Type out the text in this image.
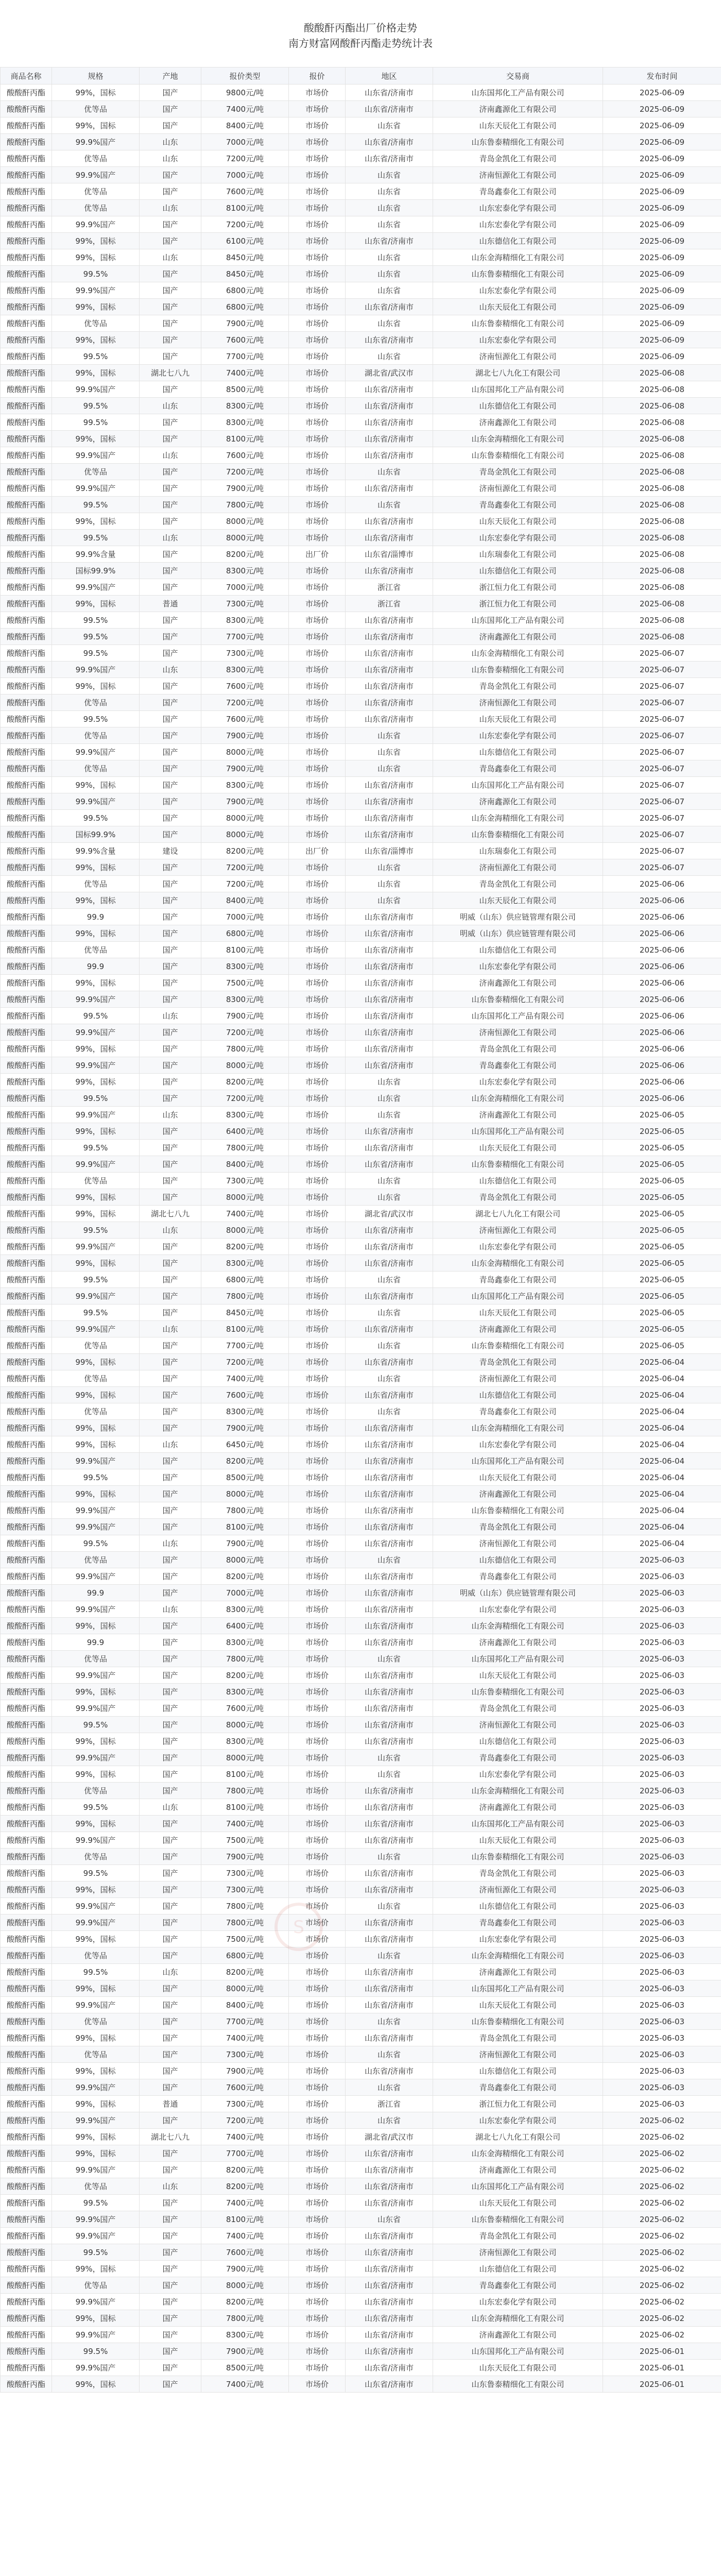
酸酸酐丙酯出厂价格走势
南方财富网酸酐丙酯走势统计表
商品名称	规格	产地	报价类型	报价	地区	交易商	发布时间
酸酸酐丙酯	99%，国标	国产	9800元/吨	市场价	山东省/济南市	山东国邦化工产品有限公司	2025-06-09
酸酸酐丙酯	优等品	国产	7400元/吨	市场价	山东省/济南市	济南鑫源化工有限公司	2025-06-09
酸酸酐丙酯	99%，国标	国产	8400元/吨	市场价	山东省	山东天辰化工有限公司	2025-06-09
酸酸酐丙酯	99.9%国产	山东	7000元/吨	市场价	山东省/济南市	山东鲁泰精细化工有限公司	2025-06-09
酸酸酐丙酯	优等品	山东	7200元/吨	市场价	山东省/济南市	青岛金凯化工有限公司	2025-06-09
酸酸酐丙酯	99.9%国产	国产	7000元/吨	市场价	山东省	济南恒源化工有限公司	2025-06-09
酸酸酐丙酯	优等品	国产	7600元/吨	市场价	山东省	青岛鑫泰化工有限公司	2025-06-09
酸酸酐丙酯	优等品	山东	8100元/吨	市场价	山东省	山东宏泰化学有限公司	2025-06-09
酸酸酐丙酯	99.9%国产	国产	7200元/吨	市场价	山东省	山东宏泰化学有限公司	2025-06-09
酸酸酐丙酯	99%，国标	国产	6100元/吨	市场价	山东省/济南市	山东德信化工有限公司	2025-06-09
酸酸酐丙酯	99%，国标	山东	8450元/吨	市场价	山东省	山东金海精细化工有限公司	2025-06-09
酸酸酐丙酯	99.5%	国产	8450元/吨	市场价	山东省	山东鲁泰精细化工有限公司	2025-06-09
酸酸酐丙酯	99.9%国产	国产	6800元/吨	市场价	山东省	山东宏泰化学有限公司	2025-06-09
酸酸酐丙酯	99%，国标	国产	6800元/吨	市场价	山东省/济南市	山东天辰化工有限公司	2025-06-09
酸酸酐丙酯	优等品	国产	7900元/吨	市场价	山东省	山东鲁泰精细化工有限公司	2025-06-09
酸酸酐丙酯	99%，国标	国产	7600元/吨	市场价	山东省/济南市	山东宏泰化学有限公司	2025-06-09
酸酸酐丙酯	99.5%	国产	7700元/吨	市场价	山东省	济南恒源化工有限公司	2025-06-09
酸酸酐丙酯	99%，国标	湖北七八九	7400元/吨	市场价	湖北省/武汉市	湖北七八九化工有限公司	2025-06-08
酸酸酐丙酯	99.9%国产	国产	8500元/吨	市场价	山东省/济南市	山东国邦化工产品有限公司	2025-06-08
酸酸酐丙酯	99.5%	山东	8300元/吨	市场价	山东省/济南市	山东德信化工有限公司	2025-06-08
酸酸酐丙酯	99.5%	国产	8300元/吨	市场价	山东省/济南市	济南鑫源化工有限公司	2025-06-08
酸酸酐丙酯	99%，国标	国产	8100元/吨	市场价	山东省/济南市	山东金海精细化工有限公司	2025-06-08
酸酸酐丙酯	99.9%国产	山东	7600元/吨	市场价	山东省/济南市	山东鲁泰精细化工有限公司	2025-06-08
酸酸酐丙酯	优等品	国产	7200元/吨	市场价	山东省	青岛金凯化工有限公司	2025-06-08
酸酸酐丙酯	99.9%国产	国产	7900元/吨	市场价	山东省/济南市	济南恒源化工有限公司	2025-06-08
酸酸酐丙酯	99.5%	国产	7800元/吨	市场价	山东省	青岛鑫泰化工有限公司	2025-06-08
酸酸酐丙酯	99%，国标	国产	8000元/吨	市场价	山东省/济南市	山东天辰化工有限公司	2025-06-08
酸酸酐丙酯	99.5%	山东	8000元/吨	市场价	山东省/济南市	山东宏泰化学有限公司	2025-06-08
酸酸酐丙酯	99.9%含量	国产	8200元/吨	出厂价	山东省/淄博市	山东瑞泰化工有限公司	2025-06-08
酸酸酐丙酯	国标99.9%	国产	8300元/吨	市场价	山东省/济南市	山东德信化工有限公司	2025-06-08
酸酸酐丙酯	99.9%国产	国产	7000元/吨	市场价	浙江省	浙江恒力化工有限公司	2025-06-08
酸酸酐丙酯	99%，国标	普通	7300元/吨	市场价	浙江省	浙江恒力化工有限公司	2025-06-08
酸酸酐丙酯	99.5%	国产	8300元/吨	市场价	山东省/济南市	山东国邦化工产品有限公司	2025-06-08
酸酸酐丙酯	99.5%	国产	7700元/吨	市场价	山东省/济南市	济南鑫源化工有限公司	2025-06-08
酸酸酐丙酯	99.5%	国产	7300元/吨	市场价	山东省/济南市	山东金海精细化工有限公司	2025-06-07
酸酸酐丙酯	99.9%国产	山东	8300元/吨	市场价	山东省/济南市	山东鲁泰精细化工有限公司	2025-06-07
酸酸酐丙酯	99%，国标	国产	7600元/吨	市场价	山东省/济南市	青岛金凯化工有限公司	2025-06-07
酸酸酐丙酯	优等品	国产	7200元/吨	市场价	山东省/济南市	济南恒源化工有限公司	2025-06-07
酸酸酐丙酯	99.5%	国产	7600元/吨	市场价	山东省/济南市	山东天辰化工有限公司	2025-06-07
酸酸酐丙酯	优等品	国产	7900元/吨	市场价	山东省	山东宏泰化学有限公司	2025-06-07
酸酸酐丙酯	99.9%国产	国产	8000元/吨	市场价	山东省	山东德信化工有限公司	2025-06-07
酸酸酐丙酯	优等品	国产	7900元/吨	市场价	山东省	青岛鑫泰化工有限公司	2025-06-07
酸酸酐丙酯	99%，国标	国产	8300元/吨	市场价	山东省/济南市	山东国邦化工产品有限公司	2025-06-07
酸酸酐丙酯	99.9%国产	国产	7900元/吨	市场价	山东省/济南市	济南鑫源化工有限公司	2025-06-07
酸酸酐丙酯	99.5%	国产	8000元/吨	市场价	山东省/济南市	山东金海精细化工有限公司	2025-06-07
酸酸酐丙酯	国标99.9%	国产	8000元/吨	市场价	山东省/济南市	山东鲁泰精细化工有限公司	2025-06-07
酸酸酐丙酯	99.9%含量	建设	8200元/吨	出厂价	山东省/淄博市	山东瑞泰化工有限公司	2025-06-07
酸酸酐丙酯	99%，国标	国产	7200元/吨	市场价	山东省	济南恒源化工有限公司	2025-06-07
酸酸酐丙酯	优等品	国产	7200元/吨	市场价	山东省	青岛金凯化工有限公司	2025-06-06
酸酸酐丙酯	99%，国标	国产	8400元/吨	市场价	山东省	山东天辰化工有限公司	2025-06-06
酸酸酐丙酯	99.9	国产	7000元/吨	市场价	山东省/济南市	明威（山东）供应链管理有限公司	2025-06-06
酸酸酐丙酯	99%，国标	国产	6800元/吨	市场价	山东省/济南市	明威（山东）供应链管理有限公司	2025-06-06
酸酸酐丙酯	优等品	国产	8100元/吨	市场价	山东省/济南市	山东德信化工有限公司	2025-06-06
酸酸酐丙酯	99.9	国产	8300元/吨	市场价	山东省/济南市	山东宏泰化学有限公司	2025-06-06
酸酸酐丙酯	99%，国标	国产	7500元/吨	市场价	山东省/济南市	济南鑫源化工有限公司	2025-06-06
酸酸酐丙酯	99.9%国产	国产	8300元/吨	市场价	山东省/济南市	山东鲁泰精细化工有限公司	2025-06-06
酸酸酐丙酯	99.5%	山东	7900元/吨	市场价	山东省/济南市	山东国邦化工产品有限公司	2025-06-06
酸酸酐丙酯	99.9%国产	国产	7200元/吨	市场价	山东省/济南市	济南恒源化工有限公司	2025-06-06
酸酸酐丙酯	99%，国标	国产	7800元/吨	市场价	山东省/济南市	青岛金凯化工有限公司	2025-06-06
酸酸酐丙酯	99.9%国产	国产	8000元/吨	市场价	山东省/济南市	青岛鑫泰化工有限公司	2025-06-06
酸酸酐丙酯	99%，国标	国产	8200元/吨	市场价	山东省	山东宏泰化学有限公司	2025-06-06
酸酸酐丙酯	99.5%	国产	7200元/吨	市场价	山东省	山东金海精细化工有限公司	2025-06-06
酸酸酐丙酯	99.9%国产	山东	8300元/吨	市场价	山东省	济南鑫源化工有限公司	2025-06-05
酸酸酐丙酯	99%，国标	国产	6400元/吨	市场价	山东省/济南市	山东国邦化工产品有限公司	2025-06-05
酸酸酐丙酯	99.5%	国产	7800元/吨	市场价	山东省/济南市	山东天辰化工有限公司	2025-06-05
酸酸酐丙酯	99.9%国产	国产	8400元/吨	市场价	山东省/济南市	山东鲁泰精细化工有限公司	2025-06-05
酸酸酐丙酯	优等品	国产	7300元/吨	市场价	山东省	山东德信化工有限公司	2025-06-05
酸酸酐丙酯	99%，国标	国产	8000元/吨	市场价	山东省	青岛金凯化工有限公司	2025-06-05
酸酸酐丙酯	99%，国标	湖北七八九	7400元/吨	市场价	湖北省/武汉市	湖北七八九化工有限公司	2025-06-05
酸酸酐丙酯	99.5%	山东	8000元/吨	市场价	山东省/济南市	济南恒源化工有限公司	2025-06-05
酸酸酐丙酯	99.9%国产	国产	8200元/吨	市场价	山东省/济南市	山东宏泰化学有限公司	2025-06-05
酸酸酐丙酯	99%，国标	国产	8300元/吨	市场价	山东省/济南市	山东金海精细化工有限公司	2025-06-05
酸酸酐丙酯	99.5%	国产	6800元/吨	市场价	山东省	青岛鑫泰化工有限公司	2025-06-05
酸酸酐丙酯	99.9%国产	国产	7800元/吨	市场价	山东省/济南市	山东国邦化工产品有限公司	2025-06-05
酸酸酐丙酯	99.5%	国产	8450元/吨	市场价	山东省	山东天辰化工有限公司	2025-06-05
酸酸酐丙酯	99.9%国产	山东	8100元/吨	市场价	山东省/济南市	济南鑫源化工有限公司	2025-06-05
酸酸酐丙酯	优等品	国产	7700元/吨	市场价	山东省	山东鲁泰精细化工有限公司	2025-06-05
酸酸酐丙酯	99%，国标	国产	7200元/吨	市场价	山东省/济南市	青岛金凯化工有限公司	2025-06-04
酸酸酐丙酯	优等品	国产	7400元/吨	市场价	山东省	济南恒源化工有限公司	2025-06-04
酸酸酐丙酯	99%，国标	国产	7600元/吨	市场价	山东省/济南市	山东德信化工有限公司	2025-06-04
酸酸酐丙酯	优等品	国产	8300元/吨	市场价	山东省	青岛鑫泰化工有限公司	2025-06-04
酸酸酐丙酯	99%，国标	国产	7900元/吨	市场价	山东省/济南市	山东金海精细化工有限公司	2025-06-04
酸酸酐丙酯	99%，国标	山东	6450元/吨	市场价	山东省/济南市	山东宏泰化学有限公司	2025-06-04
酸酸酐丙酯	99.9%国产	国产	8200元/吨	市场价	山东省/济南市	山东国邦化工产品有限公司	2025-06-04
酸酸酐丙酯	99.5%	国产	8500元/吨	市场价	山东省/济南市	山东天辰化工有限公司	2025-06-04
酸酸酐丙酯	99%，国标	国产	8000元/吨	市场价	山东省/济南市	济南鑫源化工有限公司	2025-06-04
酸酸酐丙酯	99.9%国产	国产	7800元/吨	市场价	山东省/济南市	山东鲁泰精细化工有限公司	2025-06-04
酸酸酐丙酯	99.9%国产	国产	8100元/吨	市场价	山东省/济南市	青岛金凯化工有限公司	2025-06-04
酸酸酐丙酯	99.5%	山东	7900元/吨	市场价	山东省/济南市	济南恒源化工有限公司	2025-06-04
酸酸酐丙酯	优等品	国产	8000元/吨	市场价	山东省	山东德信化工有限公司	2025-06-03
酸酸酐丙酯	99.9%国产	国产	8200元/吨	市场价	山东省/济南市	青岛鑫泰化工有限公司	2025-06-03
酸酸酐丙酯	99.9	国产	7000元/吨	市场价	山东省/济南市	明威（山东）供应链管理有限公司	2025-06-03
酸酸酐丙酯	99.9%国产	山东	8300元/吨	市场价	山东省/济南市	山东宏泰化学有限公司	2025-06-03
酸酸酐丙酯	99%，国标	国产	6400元/吨	市场价	山东省/济南市	山东金海精细化工有限公司	2025-06-03
酸酸酐丙酯	99.9	国产	8300元/吨	市场价	山东省/济南市	济南鑫源化工有限公司	2025-06-03
酸酸酐丙酯	优等品	国产	7800元/吨	市场价	山东省	山东国邦化工产品有限公司	2025-06-03
酸酸酐丙酯	99.9%国产	国产	8200元/吨	市场价	山东省/济南市	山东天辰化工有限公司	2025-06-03
酸酸酐丙酯	99%，国标	国产	8300元/吨	市场价	山东省/济南市	山东鲁泰精细化工有限公司	2025-06-03
酸酸酐丙酯	99.9%国产	国产	7600元/吨	市场价	山东省/济南市	青岛金凯化工有限公司	2025-06-03
酸酸酐丙酯	99.5%	国产	8000元/吨	市场价	山东省/济南市	济南恒源化工有限公司	2025-06-03
酸酸酐丙酯	99%，国标	国产	8300元/吨	市场价	山东省/济南市	山东德信化工有限公司	2025-06-03
酸酸酐丙酯	99.9%国产	国产	8000元/吨	市场价	山东省	青岛鑫泰化工有限公司	2025-06-03
酸酸酐丙酯	99%，国标	国产	8100元/吨	市场价	山东省	山东宏泰化学有限公司	2025-06-03
酸酸酐丙酯	优等品	国产	7800元/吨	市场价	山东省/济南市	山东金海精细化工有限公司	2025-06-03
酸酸酐丙酯	99.5%	山东	8100元/吨	市场价	山东省/济南市	济南鑫源化工有限公司	2025-06-03
酸酸酐丙酯	99%，国标	国产	7400元/吨	市场价	山东省/济南市	山东国邦化工产品有限公司	2025-06-03
酸酸酐丙酯	99.9%国产	国产	7500元/吨	市场价	山东省/济南市	山东天辰化工有限公司	2025-06-03
酸酸酐丙酯	优等品	国产	7900元/吨	市场价	山东省	山东鲁泰精细化工有限公司	2025-06-03
酸酸酐丙酯	99.5%	国产	7300元/吨	市场价	山东省/济南市	青岛金凯化工有限公司	2025-06-03
酸酸酐丙酯	99%，国标	国产	7300元/吨	市场价	山东省/济南市	济南恒源化工有限公司	2025-06-03
酸酸酐丙酯	99.9%国产	国产	7800元/吨	市场价	山东省	山东德信化工有限公司	2025-06-03
酸酸酐丙酯	99.9%国产	国产	7800元/吨	市场价	山东省/济南市	青岛鑫泰化工有限公司	2025-06-03
酸酸酐丙酯	99%，国标	国产	7500元/吨	市场价	山东省/济南市	山东宏泰化学有限公司	2025-06-03
酸酸酐丙酯	优等品	国产	6800元/吨	市场价	山东省	山东金海精细化工有限公司	2025-06-03
酸酸酐丙酯	99.5%	山东	8200元/吨	市场价	山东省/济南市	济南鑫源化工有限公司	2025-06-03
酸酸酐丙酯	99%，国标	国产	8000元/吨	市场价	山东省/济南市	山东国邦化工产品有限公司	2025-06-03
酸酸酐丙酯	99.9%国产	国产	8400元/吨	市场价	山东省/济南市	山东天辰化工有限公司	2025-06-03
酸酸酐丙酯	优等品	国产	7700元/吨	市场价	山东省	山东鲁泰精细化工有限公司	2025-06-03
酸酸酐丙酯	99%，国标	国产	7400元/吨	市场价	山东省/济南市	青岛金凯化工有限公司	2025-06-03
酸酸酐丙酯	优等品	国产	7300元/吨	市场价	山东省	济南恒源化工有限公司	2025-06-03
酸酸酐丙酯	99%，国标	国产	7900元/吨	市场价	山东省/济南市	山东德信化工有限公司	2025-06-03
酸酸酐丙酯	99.9%国产	国产	7600元/吨	市场价	山东省	青岛鑫泰化工有限公司	2025-06-03
酸酸酐丙酯	99%，国标	普通	7300元/吨	市场价	浙江省	浙江恒力化工有限公司	2025-06-03
酸酸酐丙酯	99.9%国产	国产	7200元/吨	市场价	山东省	山东宏泰化学有限公司	2025-06-02
酸酸酐丙酯	99%，国标	湖北七八九	7400元/吨	市场价	湖北省/武汉市	湖北七八九化工有限公司	2025-06-02
酸酸酐丙酯	99%，国标	国产	7700元/吨	市场价	山东省/济南市	山东金海精细化工有限公司	2025-06-02
酸酸酐丙酯	99.9%国产	国产	8200元/吨	市场价	山东省/济南市	济南鑫源化工有限公司	2025-06-02
酸酸酐丙酯	优等品	山东	8200元/吨	市场价	山东省/济南市	山东国邦化工产品有限公司	2025-06-02
酸酸酐丙酯	99.5%	国产	7400元/吨	市场价	山东省/济南市	山东天辰化工有限公司	2025-06-02
酸酸酐丙酯	99.9%国产	国产	8100元/吨	市场价	山东省	山东鲁泰精细化工有限公司	2025-06-02
酸酸酐丙酯	99.9%国产	国产	7400元/吨	市场价	山东省/济南市	青岛金凯化工有限公司	2025-06-02
酸酸酐丙酯	99.5%	国产	7600元/吨	市场价	山东省/济南市	济南恒源化工有限公司	2025-06-02
酸酸酐丙酯	99%，国标	国产	7900元/吨	市场价	山东省/济南市	山东德信化工有限公司	2025-06-02
酸酸酐丙酯	优等品	国产	8000元/吨	市场价	山东省/济南市	青岛鑫泰化工有限公司	2025-06-02
酸酸酐丙酯	99.9%国产	国产	8200元/吨	市场价	山东省/济南市	山东宏泰化学有限公司	2025-06-02
酸酸酐丙酯	99%，国标	国产	7800元/吨	市场价	山东省/济南市	山东金海精细化工有限公司	2025-06-02
酸酸酐丙酯	99.9%国产	国产	8300元/吨	市场价	山东省/济南市	济南鑫源化工有限公司	2025-06-02
酸酸酐丙酯	99.5%	国产	7900元/吨	市场价	山东省/济南市	山东国邦化工产品有限公司	2025-06-01
酸酸酐丙酯	99.9%国产	国产	8500元/吨	市场价	山东省/济南市	山东天辰化工有限公司	2025-06-01
酸酸酐丙酯	99%，国标	国产	7400元/吨	市场价	山东省/济南市	山东鲁泰精细化工有限公司	2025-06-01
S
